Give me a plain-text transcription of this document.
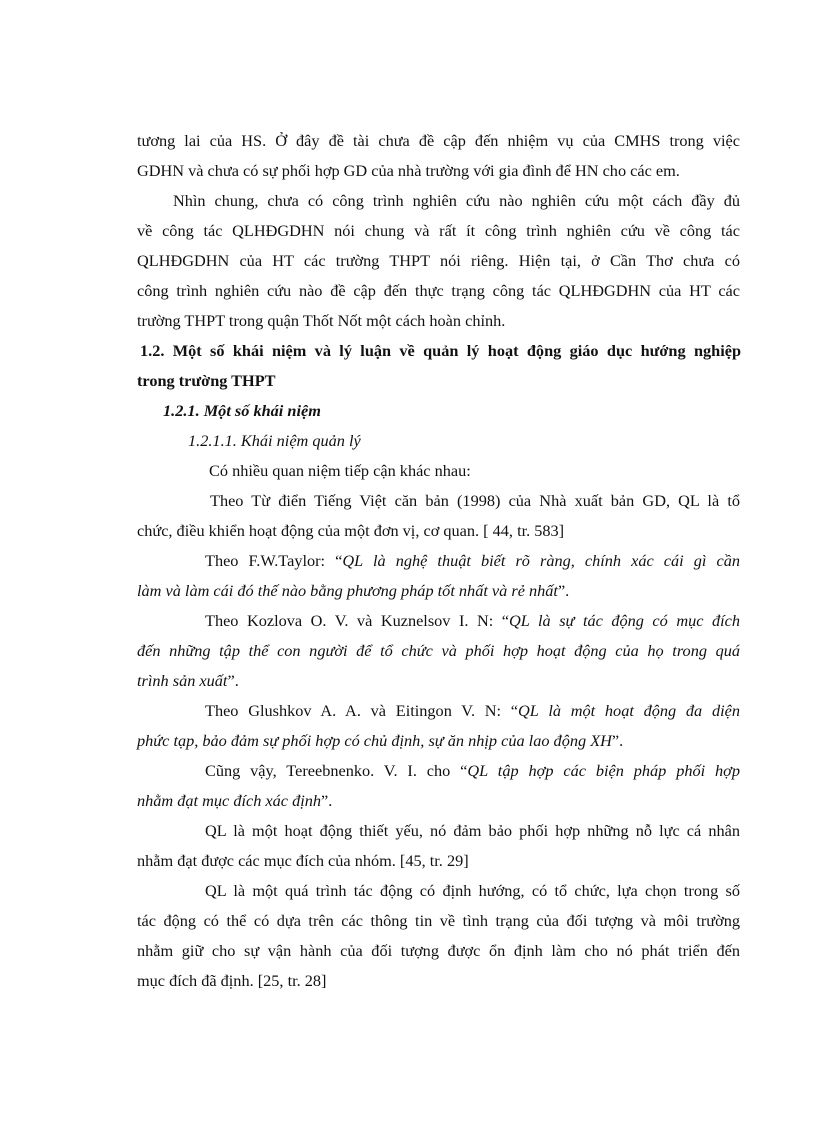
tương lai của HS. Ở đây đề tài chưa đề cập đến nhiệm vụ của CMHS trong việc
GDHN và chưa có sự phối hợp GD của nhà trường với gia đình để HN cho các em.
Nhìn chung, chưa có công trình nghiên cứu nào nghiên cứu một cách đầy đủ
về công tác QLHĐGDHN nói chung và rất ít công trình nghiên cứu về công tác
QLHĐGDHN của HT các trường THPT nói riêng. Hiện tại, ở Cần Thơ chưa có
công trình nghiên cứu nào đề cập đến thực trạng công tác QLHĐGDHN của HT các
trường THPT trong quận Thốt Nốt một cách hoàn chỉnh.
1.2. Một số khái niệm và lý luận về quản lý hoạt động giáo dục hướng nghiệp
trong trường THPT
1.2.1. Một số khái niệm
1.2.1.1. Khái niệm quản lý
Có nhiều quan niệm tiếp cận khác nhau:
Theo Từ điển Tiếng Việt căn bản (1998) của Nhà xuất bản GD, QL là tổ
chức, điều khiển hoạt động của một đơn vị, cơ quan. [ 44, tr. 583]
Theo F.W.Taylor: “QL là nghệ thuật biết rõ ràng, chính xác cái gì cần
làm và làm cái đó thế nào bằng phương pháp tốt nhất và rẻ nhất”.
Theo Kozlova O. V. và Kuznelsov I. N: “QL là sự tác động có mục đích
đến những tập thể con người để tổ chức và phối hợp hoạt động của họ trong quá
trình sản xuất”.
Theo Glushkov A. A. và Eitingon V. N: “QL là một hoạt động đa diện
phức tạp, bảo đảm sự phối hợp có chủ định, sự ăn nhịp của lao động XH”.
Cũng vậy, Tereebnenko. V. I. cho “QL tập hợp các biện pháp phối hợp
nhằm đạt mục đích xác định”.
QL là một hoạt động thiết yếu, nó đảm bảo phối hợp những nỗ lực cá nhân
nhằm đạt được các mục đích của nhóm. [45, tr. 29]
QL là một quá trình tác động có định hướng, có tổ chức, lựa chọn trong số
tác động có thể có dựa trên các thông tin về tình trạng của đối tượng và môi trường
nhằm giữ cho sự vận hành của đối tượng được ổn định làm cho nó phát triển đến
mục đích đã định. [25, tr. 28]
